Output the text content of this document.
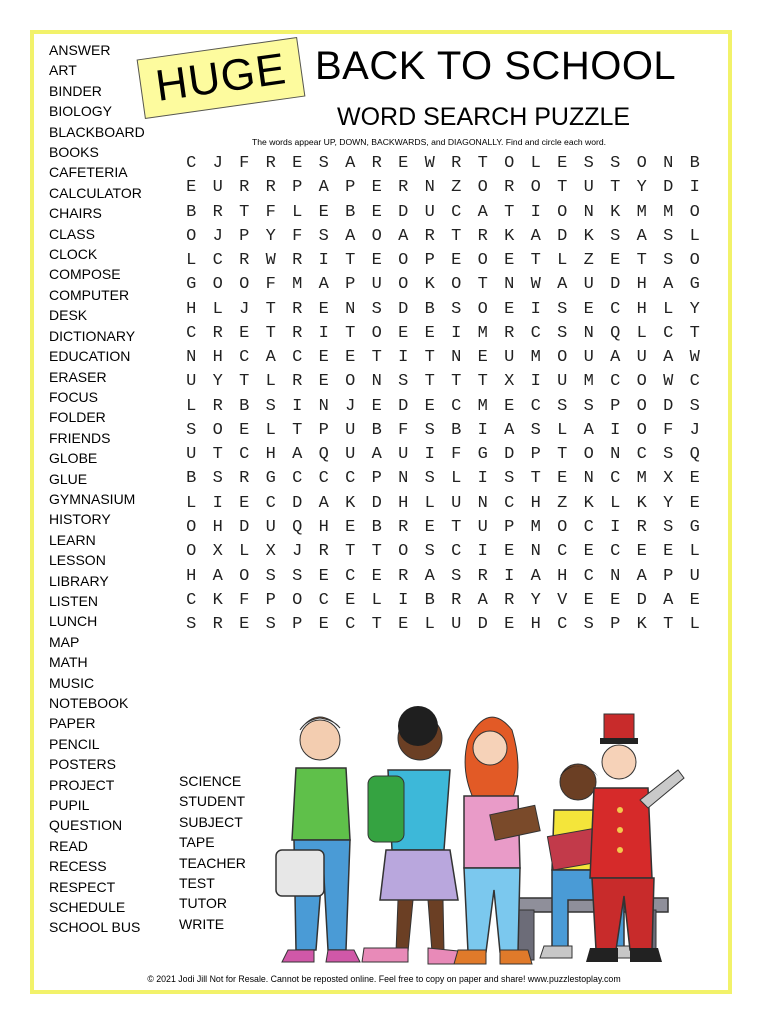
ANSWER
ART
BINDER
BIOLOGY
BLACKBOARD
BOOKS
CAFETERIA
CALCULATOR
CHAIRS
CLASS
CLOCK
COMPOSE
COMPUTER
DESK
DICTIONARY
EDUCATION
ERASER
FOCUS
FOLDER
FRIENDS
GLOBE
GLUE
GYMNASIUM
HISTORY
LEARN
LESSON
LIBRARY
LISTEN
LUNCH
MAP
MATH
MUSIC
NOTEBOOK
PAPER
PENCIL
POSTERS
PROJECT
PUPIL
QUESTION
READ
RECESS
RESPECT
SCHEDULE
SCHOOL BUS
SCIENCE
STUDENT
SUBJECT
TAPE
TEACHER
TEST
TUTOR
WRITE
HUGE BACK TO SCHOOL
WORD SEARCH PUZZLE
The words appear UP, DOWN, BACKWARDS, and DIAGONALLY. Find and circle each word.
C J F R E S A R E W R T O L E S S O N B
E U R R P A P E R N Z O R O T U T Y D I
B R T F L E B E D U C A T I O N K M M O
O J P Y F S A O A R T R K A D K S A S L
L C R W R I T E O P E O E T L Z E T S O
G O O F M A P U O K O T N W A U D H A G
H L J T R E N S D B S O E I S E C H L Y
C R E T R I T O E E I M R C S N Q L C T
N H C A C E E T I T N E U M O U A U A W
U Y T L R E O N S T T T X I U M C O W C
L R B S I N J E D E C M E C S S P O D S
S O E L T P U B F S B I A S L A I O F J
U T C H A Q U A U I F G D P T O N C S Q
B S R G C C C P N S L I S T E N C M X E
L I E C D A K D H L U N C H Z K L K Y E
O H D U Q H E B R E T U P M O C I R S G
O X L X J R T T O S C I E N C E C E E L
H A O S S E C E R A S R I A H C N A P U
C K F P O C E L I B R A R Y V E E D A E
S R E S P E C T E L U D E H C S P K T L
© 2021 Jodi Jill Not for Resale. Cannot be reposted online. Feel free to copy on paper and share! www.puzzlestoplay.com
